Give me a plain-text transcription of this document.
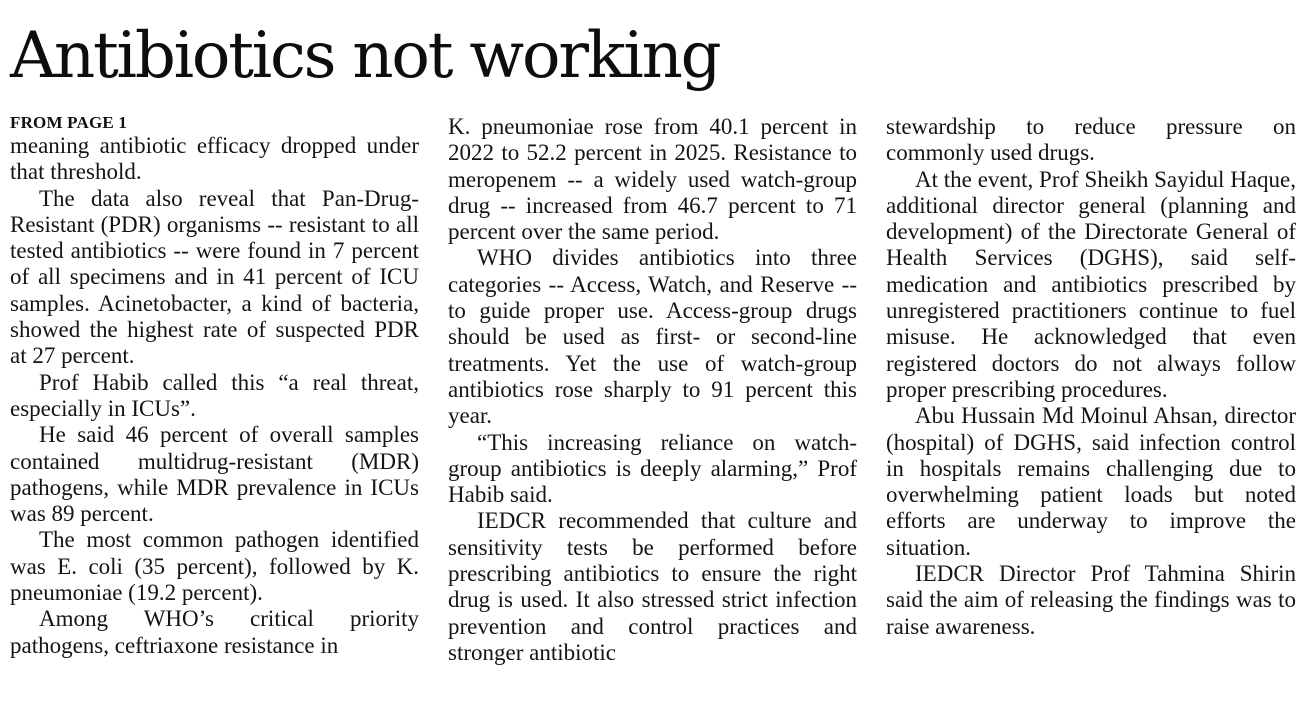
Antibiotics not working
FROM PAGE 1

meaning antibiotic efficacy dropped under that threshold.

The data also reveal that Pan-Drug-Resistant (PDR) organisms -- resistant to all tested antibiotics -- were found in 7 percent of all specimens and in 41 percent of ICU samples. Acinetobacter, a kind of bacteria, showed the highest rate of suspected PDR at 27 percent.

Prof Habib called this “a real threat, especially in ICUs”.

He said 46 percent of overall samples contained multidrug-resistant (MDR) pathogens, while MDR prevalence in ICUs was 89 percent.

The most common pathogen identified was E. coli (35 percent), followed by K. pneumoniae (19.2 percent).

Among WHO’s critical priority pathogens, ceftriaxone resistance in

K. pneumoniae rose from 40.1 percent in 2022 to 52.2 percent in 2025. Resistance to meropenem -- a widely used watch-group drug -- increased from 46.7 percent to 71 percent over the same period.

WHO divides antibiotics into three categories -- Access, Watch, and Reserve -- to guide proper use. Access-group drugs should be used as first- or second-line treatments. Yet the use of watch-group antibiotics rose sharply to 91 percent this year.

“This increasing reliance on watch-group antibiotics is deeply alarming,” Prof Habib said.

IEDCR recommended that culture and sensitivity tests be performed before prescribing antibiotics to ensure the right drug is used. It also stressed strict infection prevention and control practices and stronger antibiotic

stewardship to reduce pressure on commonly used drugs.

At the event, Prof Sheikh Sayidul Haque, additional director general (planning and development) of the Directorate General of Health Services (DGHS), said self-medication and antibiotics prescribed by unregistered practitioners continue to fuel misuse. He acknowledged that even registered doctors do not always follow proper prescribing procedures.

Abu Hussain Md Moinul Ahsan, director (hospital) of DGHS, said infection control in hospitals remains challenging due to overwhelming patient loads but noted efforts are underway to improve the situation.

IEDCR Director Prof Tahmina Shirin said the aim of releasing the findings was to raise awareness.
